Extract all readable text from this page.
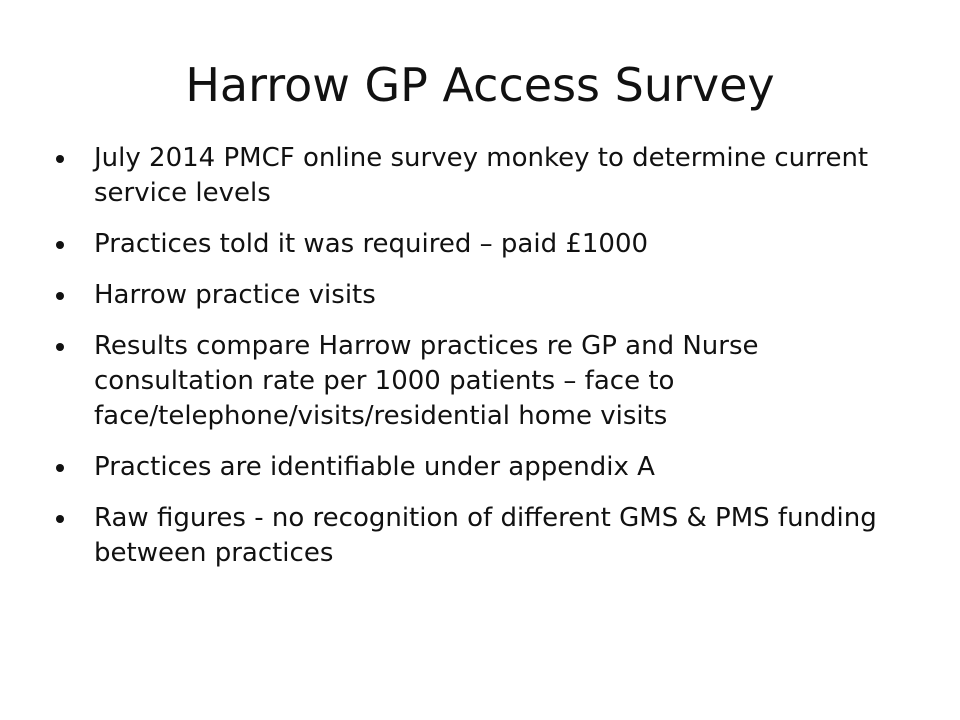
Harrow GP Access Survey
July 2014 PMCF online survey monkey to determine current service levels
Practices told it was required – paid £1000
Harrow practice visits
Results compare Harrow practices re GP and Nurse consultation rate per 1000 patients – face to face/telephone/visits/residential home visits
Practices are identifiable under appendix A
Raw figures - no recognition of different GMS & PMS funding between practices
